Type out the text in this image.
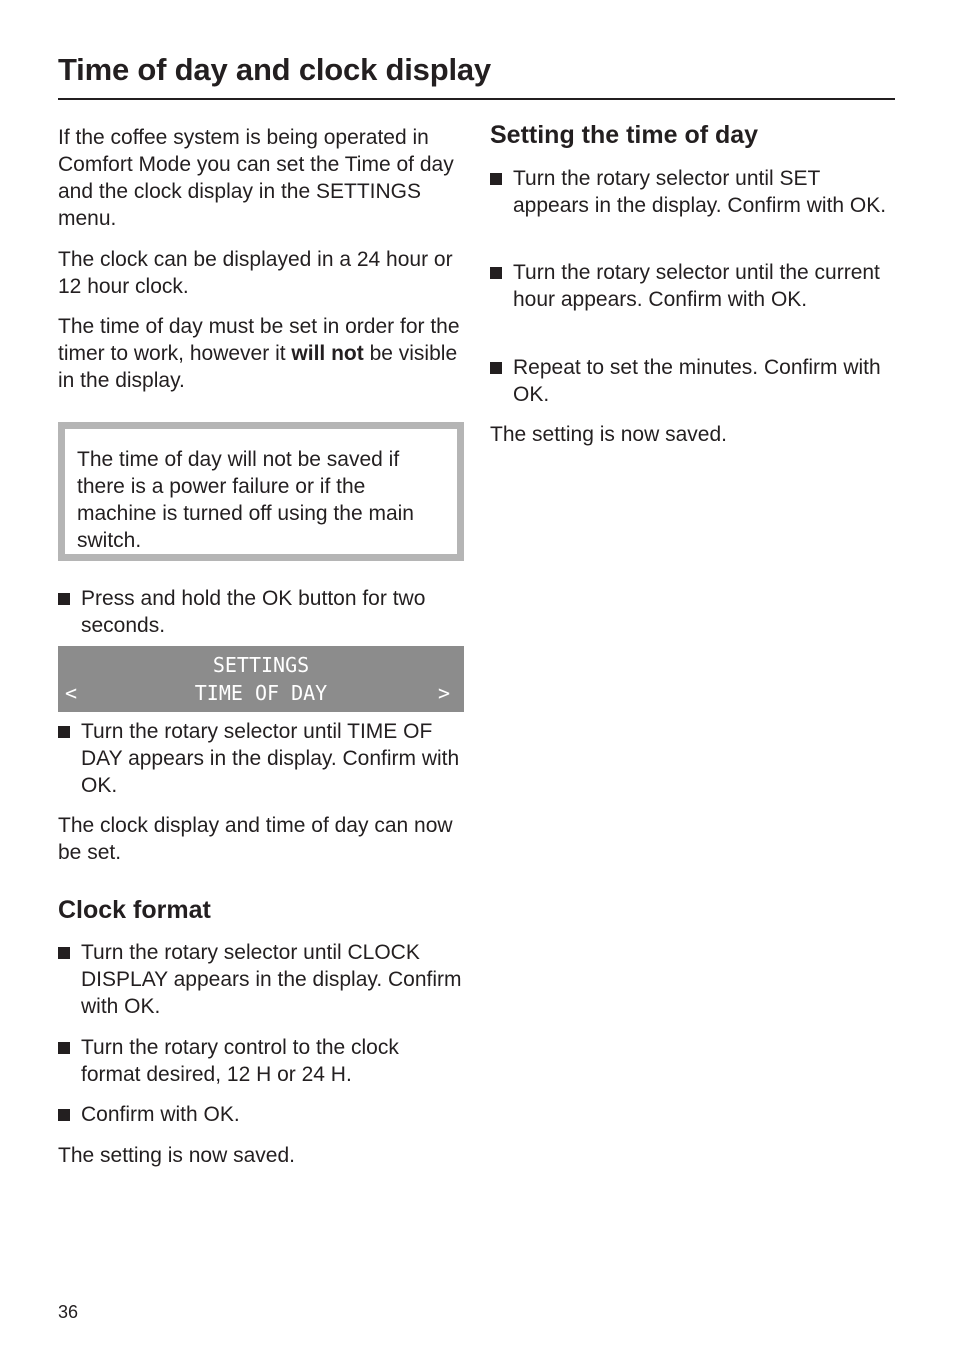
Time of day and clock display

If the coffee system is being operated in Comfort Mode you can set the Time of day and the clock display in the SETTINGS menu.

The clock can be displayed in a 24 hour or 12 hour clock.

The time of day must be set in order for the timer to work, however it will not be visible in the display.

The time of day will not be saved if there is a power failure or if the machine is turned off using the main switch.

Press and hold the OK button for two seconds.

SETTINGS
TIME OF DAY
<	>

Turn the rotary selector until TIME OF DAY appears in the display. Confirm with OK.

The clock display and time of day can now be set.

Clock format

Turn the rotary selector until CLOCK DISPLAY appears in the display. Confirm with OK.

Turn the rotary control to the clock format desired, 12 H or 24 H.

Confirm with OK.

The setting is now saved.

Setting the time of day

Turn the rotary selector until SET appears in the display. Confirm with OK.

Turn the rotary selector until the current hour appears. Confirm with OK.

Repeat to set the minutes. Confirm with OK.

The setting is now saved.

36
